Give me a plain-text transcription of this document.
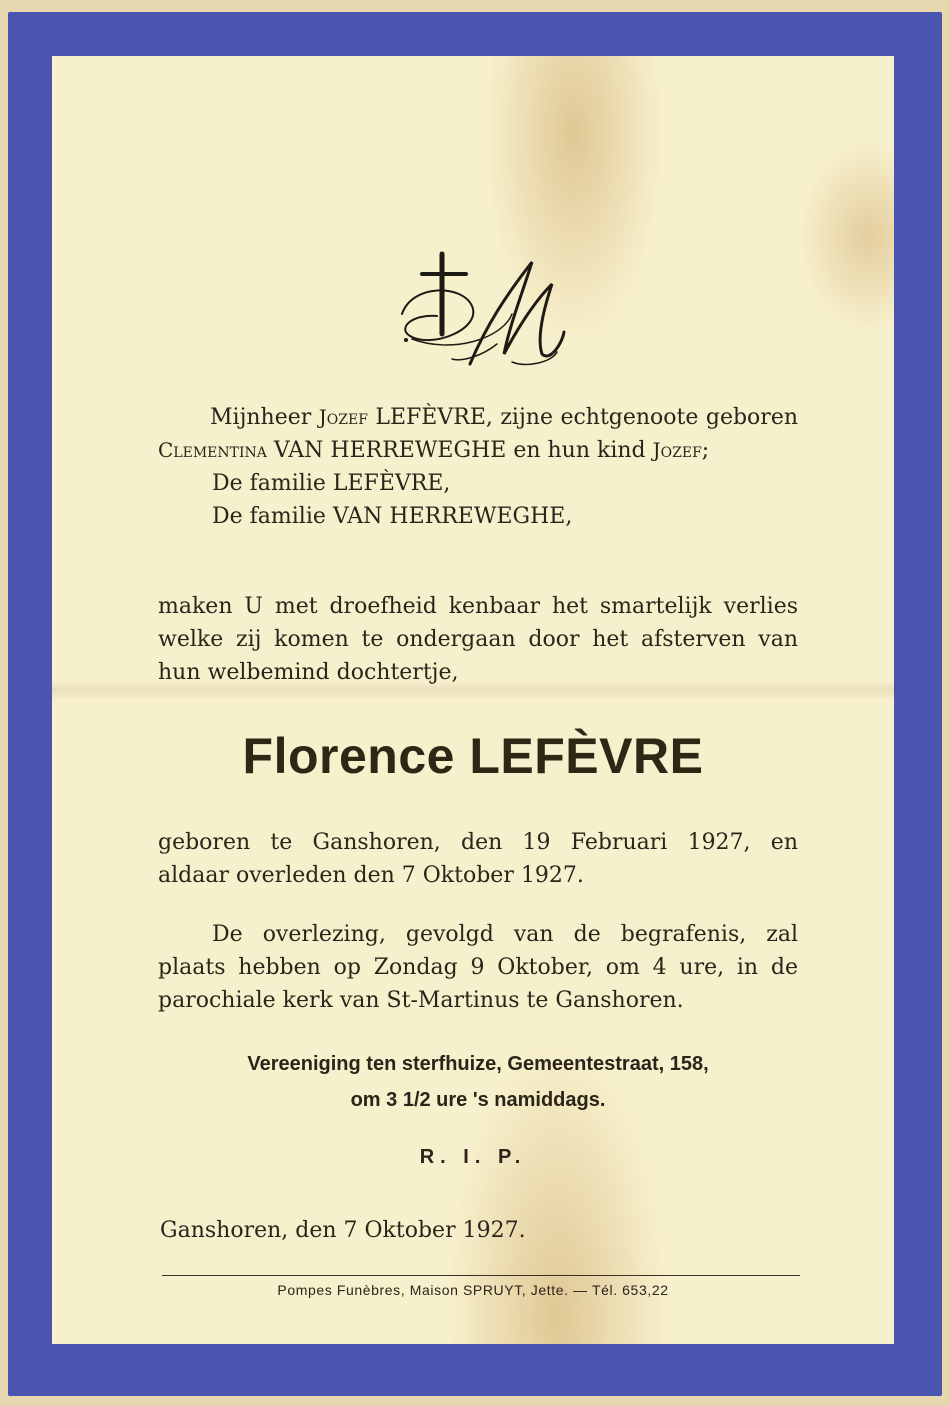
Mijnheer Jozef LEFÈVRE, zijne echtgenoote geboren Clementina VAN HERREWEGHE en hun kind Jozef;
De familie LEFÈVRE,
De familie VAN HERREWEGHE,
maken U met droefheid kenbaar het smartelijk verlies
welke zij komen te ondergaan door het afsterven van
hun welbemind dochtertje,
Florence LEFÈVRE
geboren te Ganshoren, den 19 Februari 1927, en
aldaar overleden den 7 Oktober 1927.
De overlezing, gevolgd van de begrafenis, zal
plaats hebben op Zondag 9 Oktober, om 4 ure, in de
parochiale kerk van St-Martinus te Ganshoren.
Vereeniging ten sterfhuize, Gemeentestraat, 158,
om 3 1/2 ure 's namiddags.
R. I. P.
Ganshoren, den 7 Oktober 1927.
Pompes Funèbres, Maison SPRUYT, Jette. — Tél. 653,22
